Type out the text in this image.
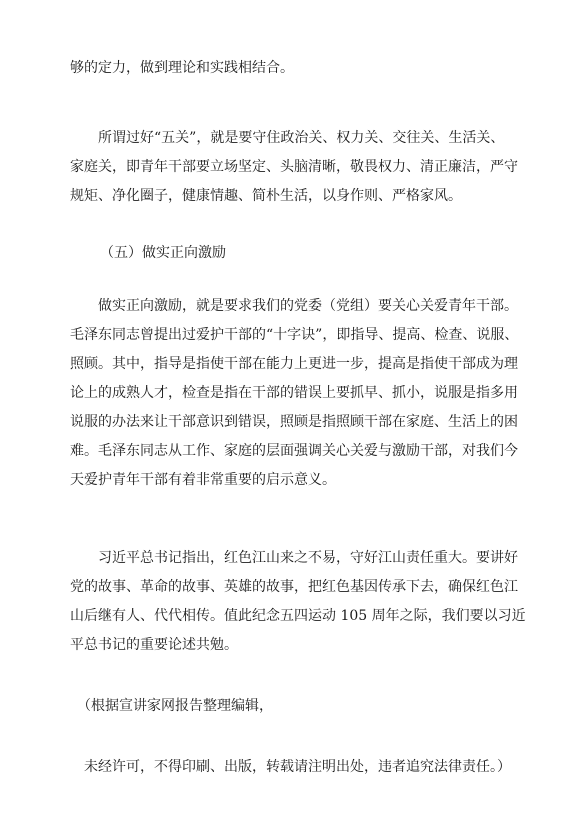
够的定力，做到理论和实践相结合。
所谓过好“五关”，就是要守住政治关、权力关、交往关、生活关、
家庭关，即青年干部要立场坚定、头脑清晰，敬畏权力、清正廉洁，严守
规矩、净化圈子，健康情趣、简朴生活，以身作则、严格家风。
（五）做实正向激励
做实正向激励，就是要求我们的党委（党组）要关心关爱青年干部。
毛泽东同志曾提出过爱护干部的“十字诀”，即指导、提高、检查、说服、
照顾。其中，指导是指使干部在能力上更进一步，提高是指使干部成为理
论上的成熟人才，检查是指在干部的错误上要抓早、抓小，说服是指多用
说服的办法来让干部意识到错误，照顾是指照顾干部在家庭、生活上的困
难。毛泽东同志从工作、家庭的层面强调关心关爱与激励干部，对我们今
天爱护青年干部有着非常重要的启示意义。
习近平总书记指出，红色江山来之不易，守好江山责任重大。要讲好
党的故事、革命的故事、英雄的故事，把红色基因传承下去，确保红色江
山后继有人、代代相传。值此纪念五四运动 105 周年之际，我们要以习近
平总书记的重要论述共勉。
（根据宣讲家网报告整理编辑，
未经许可，不得印刷、出版，转载请注明出处，违者追究法律责任。）
